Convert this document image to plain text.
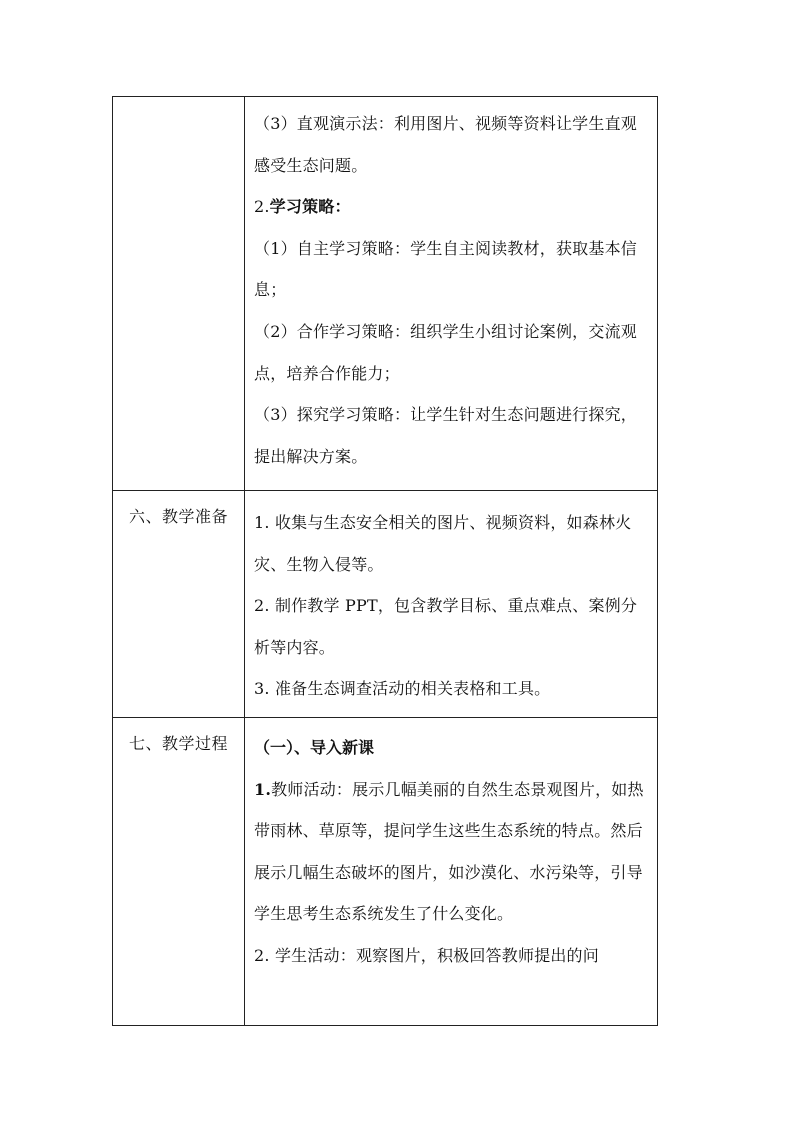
	（3）直观演示法：利用图片、视频等资料让学生直观感受生态问题。

2.学习策略：

（1）自主学习策略：学生自主阅读教材，获取基本信息；

（2）合作学习策略：组织学生小组讨论案例，交流观点，培养合作能力；

（3）探究学习策略：让学生针对生态问题进行探究，提出解决方案。

六、教学准备	1. 收集与生态安全相关的图片、视频资料，如森林火灾、生物入侵等。

2. 制作教学 PPT，包含教学目标、重点难点、案例分析等内容。

3. 准备生态调查活动的相关表格和工具。

七、教学过程	（一）、导入新课

1.教师活动：展示几幅美丽的自然生态景观图片，如热带雨林、草原等，提问学生这些生态系统的特点。然后展示几幅生态破坏的图片，如沙漠化、水污染等，引导学生思考生态系统发生了什么变化。

2. 学生活动：观察图片，积极回答教师提出的问
